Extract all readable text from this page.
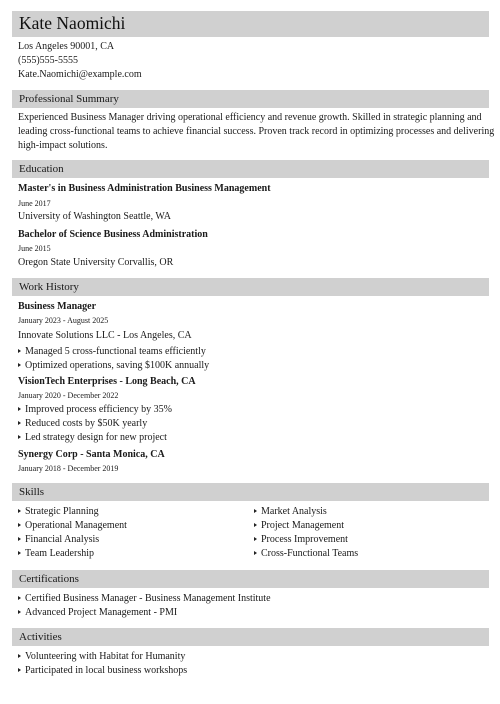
Kate Naomichi
Los Angeles 90001, CA
(555)555-5555
Kate.Naomichi@example.com
Professional Summary
Experienced Business Manager driving operational efficiency and revenue growth. Skilled in strategic planning and
leading cross-functional teams to achieve financial success. Proven track record in optimizing processes and delivering
high-impact solutions.
Education
Master's in Business Administration Business Management
June 2017
University of Washington Seattle, WA
Bachelor of Science Business Administration
June 2015
Oregon State University Corvallis, OR
Work History
Business Manager
January 2023 - August 2025
Innovate Solutions LLC - Los Angeles, CA
Managed 5 cross-functional teams efficiently
Optimized operations, saving $100K annually
VisionTech Enterprises - Long Beach, CA
January 2020 - December 2022
Improved process efficiency by 35%
Reduced costs by $50K yearly
Led strategy design for new project
Synergy Corp - Santa Monica, CA
January 2018 - December 2019
Skills
Strategic Planning
Operational Management
Financial Analysis
Team Leadership
Market Analysis
Project Management
Process Improvement
Cross-Functional Teams
Certifications
Certified Business Manager - Business Management Institute
Advanced Project Management - PMI
Activities
Volunteering with Habitat for Humanity
Participated in local business workshops
